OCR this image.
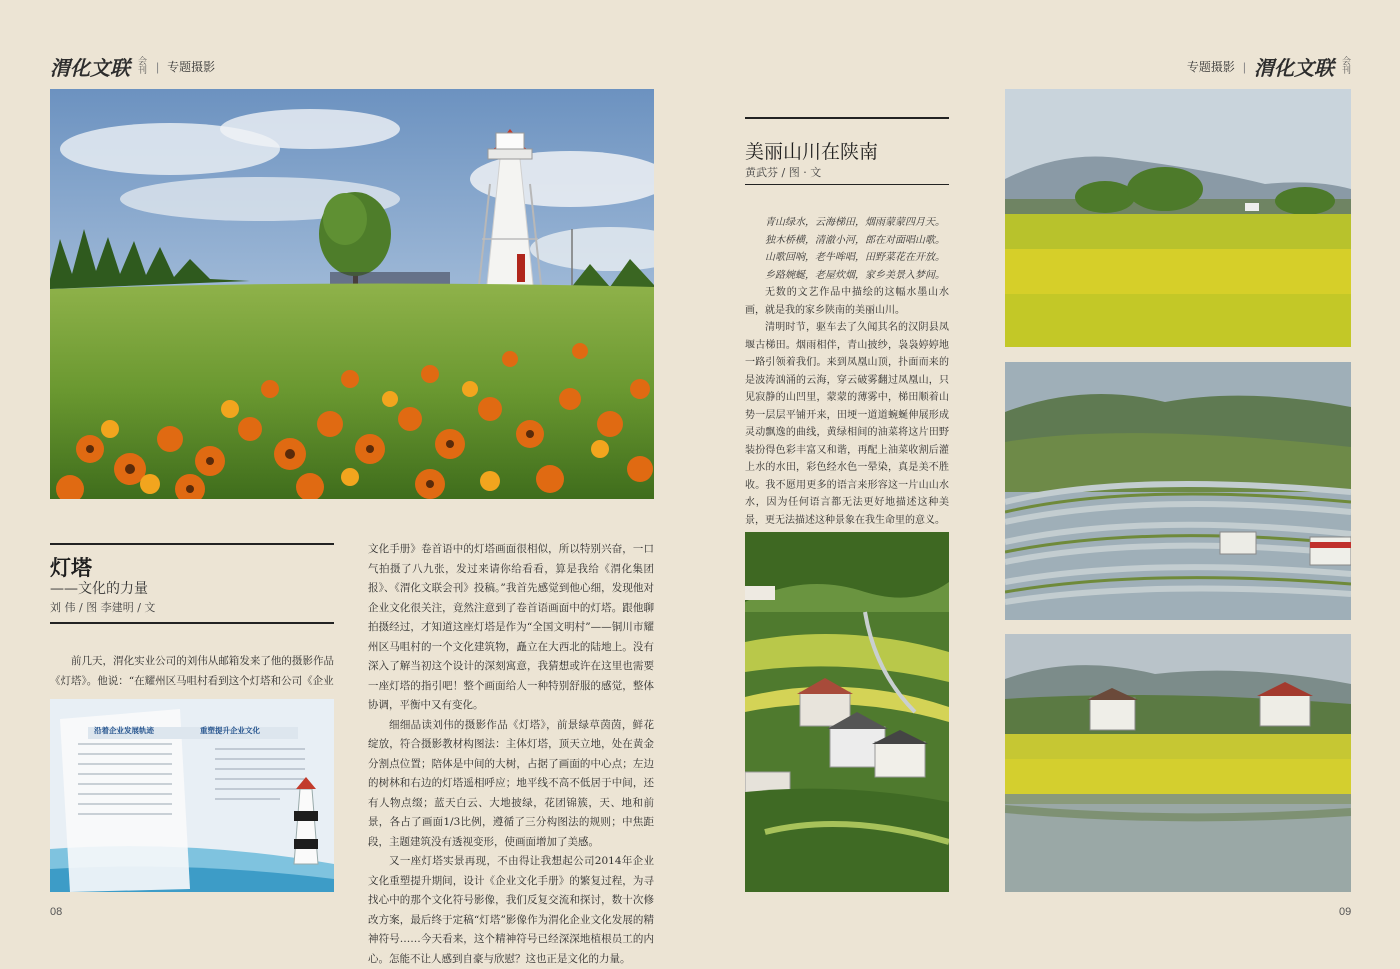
渭化文联 会刊 | 专题摄影	专题摄影 | 渭化文联 会刊
灯塔
——文化的力量
刘 伟 / 图 李建明 / 文

前几天，渭化实业公司的刘伟从邮箱发来了他的摄影作品《灯塔》。他说：“在耀州区马咀村看到这个灯塔和公司《企业

沿着企业发展轨迹	重塑提升企业文化

文化手册》卷首语中的灯塔画面很相似，所以特别兴奋，一口气拍摄了八九张，发过来请你给看看，算是我给《渭化集团报》、《渭化文联会刊》投稿。”我首先感觉到他心细，发现他对企业文化很关注，竟然注意到了卷首语画面中的灯塔。跟他聊拍摄经过，才知道这座灯塔是作为“全国文明村”——铜川市耀州区马咀村的一个文化建筑物，矗立在大西北的陆地上。没有深入了解当初这个设计的深刻寓意，我猜想或许在这里也需要一座灯塔的指引吧！整个画面给人一种特别舒服的感觉，整体协调，平衡中又有变化。

细细品读刘伟的摄影作品《灯塔》，前景绿草茵茵，鲜花绽放，符合摄影教材构图法：主体灯塔，顶天立地，处在黄金分割点位置；陪体是中间的大树，占据了画面的中心点；左边的树林和右边的灯塔遥相呼应；地平线不高不低居于中间，还有人物点缀；蓝天白云、大地披绿，花团锦簇，天、地和前景，各占了画面1/3比例，遵循了三分构图法的规则；中焦距段，主题建筑没有透视变形，使画面增加了美感。

又一座灯塔实景再现，不由得让我想起公司2014年企业文化重塑提升期间，设计《企业文化手册》的繁复过程，为寻找心中的那个文化符号影像，我们反复交流和探讨，数十次修改方案，最后终于定稿“灯塔”影像作为渭化企业文化发展的精神符号……今天看来，这个精神符号已经深深地植根员工的内心。怎能不让人感到自豪与欣慰？这也正是文化的力量。

08
美丽山川在陕南
黄武芬 / 图 · 文
青山绿水，云海梯田，烟雨蒙蒙四月天。
独木桥横，清澈小河，郎在对面唱山歌。
山歌回响，老牛哞唱，田野菜花在开放。
乡路婉蜒，老屋炊烟，家乡美景入梦间。

无数的文艺作品中描绘的这幅水墨山水画，就是我的家乡陕南的美丽山川。

清明时节，驱车去了久闻其名的汉阴县凤堰古梯田。烟雨相伴，青山披纱，袅袅婷婷地一路引领着我们。来到凤凰山顶，扑面而来的是波涛汹涌的云海，穿云破雾翻过凤凰山，只见寂静的山凹里，蒙蒙的薄雾中，梯田顺着山势一层层平铺开来，田埂一道道蜿蜒伸展形成灵动飘逸的曲线，黄绿相间的油菜将这片田野装扮得色彩丰富又和谐，再配上油菜收割后灌上水的水田，彩色经水色一晕染，真是美不胜收。我不愿用更多的语言来形容这一片山山水水，因为任何语言都无法更好地描述这种美景，更无法描述这种景象在我生命里的意义。

09
